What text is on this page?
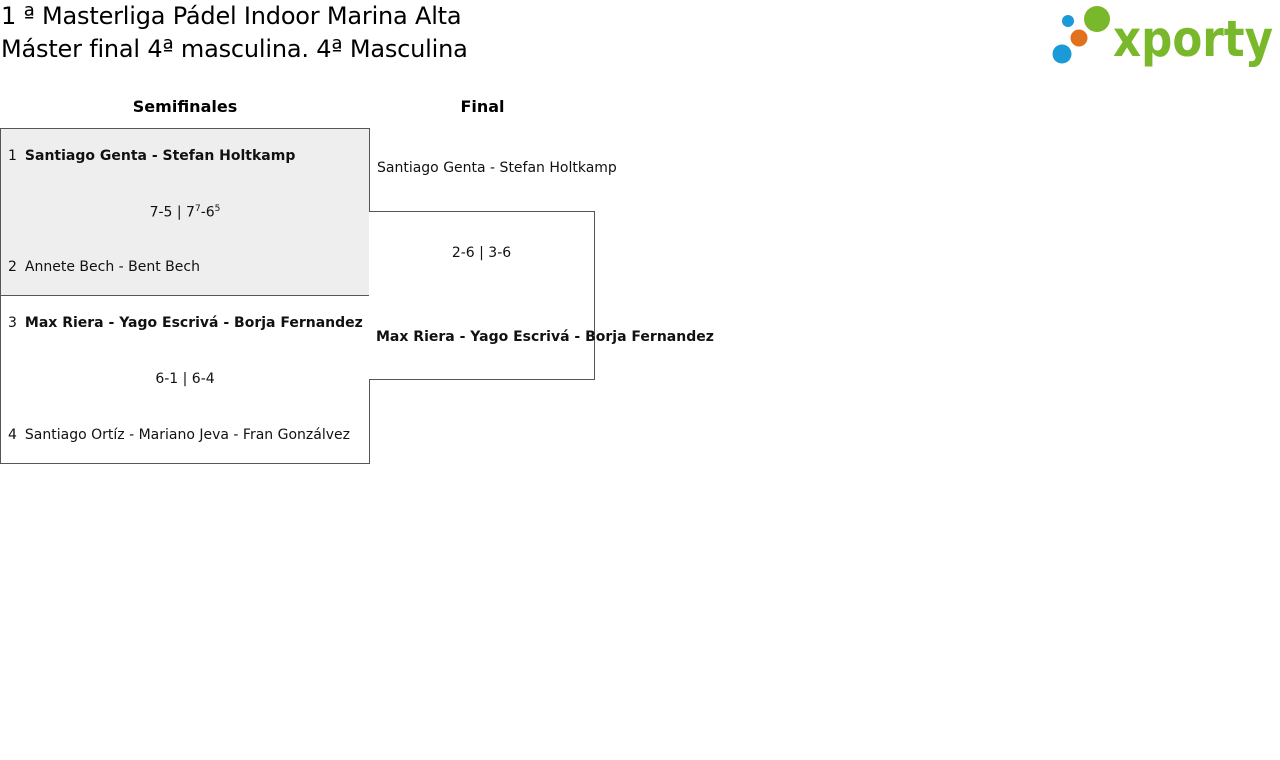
1 ª Masterliga Pádel Indoor Marina Alta
Máster final 4ª masculina. 4ª Masculina	xporty
Semifinales	Final
1 Santiago Genta - Stefan Holtkamp
7-5 | $7^7-6^5$
2 Annete Bech - Bent Bech
3 Max Riera - Yago Escrivá - Borja Fernandez
6-1 | 6-4
4 Santiago Ortíz - Mariano Jeva - Fran Gonzálvez
Santiago Genta - Stefan Holtkamp
2-6 | 3-6
Max Riera - Yago Escrivá - Borja Fernandez
